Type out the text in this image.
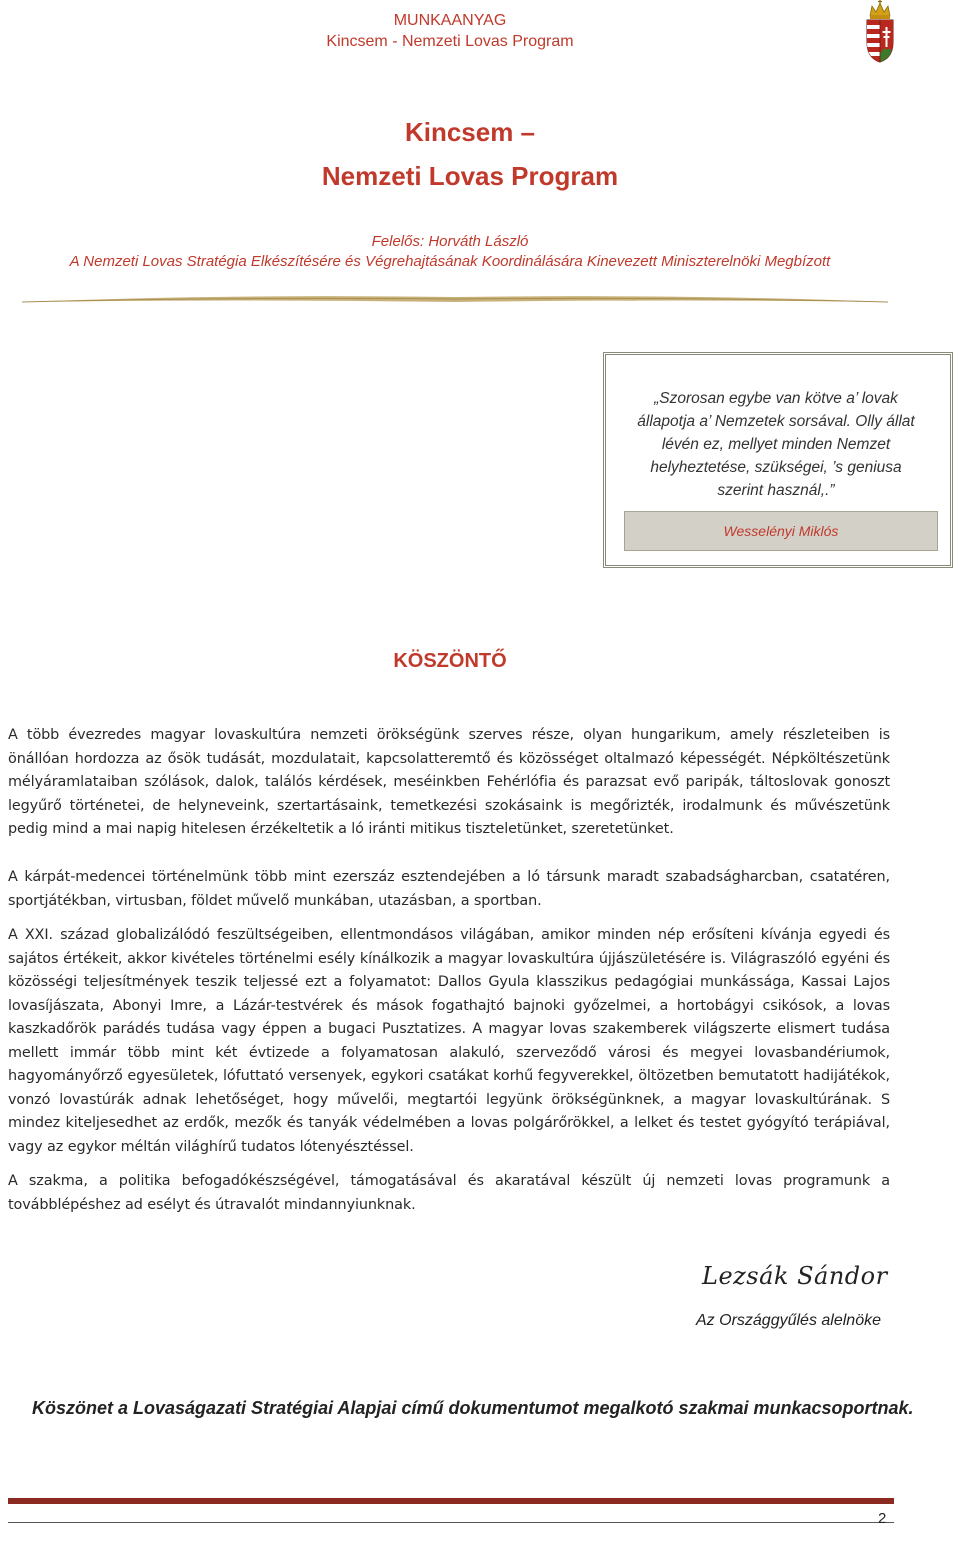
MUNKAANYAG
Kincsem - Nemzeti Lovas Program
Kincsem –
Nemzeti Lovas Program
Felelős: Horváth László
A Nemzeti Lovas Stratégia Elkészítésére és Végrehajtásának Koordinálására Kinevezett Miniszterelnöki Megbízott
„Szorosan egybe van kötve a’ lovak állapotja a’ Nemzetek sorsával. Olly állat lévén ez, mellyet minden Nemzet helyheztetése, szükségei, ’s geniusa szerint használ,.”
Wesselényi Miklós
KÖSZÖNTŐ
A több évezredes magyar lovaskultúra nemzeti örökségünk szerves része, olyan hungarikum, amely részleteiben is önállóan hordozza az ősök tudását, mozdulatait, kapcsolatteremtő és közösséget oltalmazó képességét. Népköltészetünk mélyáramlataiban szólások, dalok, találós kérdések, meséinkben Fehérlófia és parazsat evő paripák, táltoslovak gonoszt legyűrő történetei, de helyneveink, szertartásaink, temetkezési szokásaink is megőrizték, irodalmunk és művészetünk pedig mind a mai napig hitelesen érzékeltetik a ló iránti mitikus tiszteletünket, szeretetünket.
A kárpát-medencei történelmünk több mint ezerszáz esztendejében a ló társunk maradt szabadságharcban, csatatéren, sportjátékban, virtusban, földet művelő munkában, utazásban, a sportban.
A XXI. század globalizálódó feszültségeiben, ellentmondásos világában, amikor minden nép erősíteni kívánja egyedi és sajátos értékeit, akkor kivételes történelmi esély kínálkozik a magyar lovaskultúra újjászületésére is. Világraszóló egyéni és közösségi teljesítmények teszik teljessé ezt a folyamatot: Dallos Gyula klasszikus pedagógiai munkássága, Kassai Lajos lovasíjászata, Abonyi Imre, a Lázár-testvérek és mások fogathajtó bajnoki győzelmei, a hortobágyi csikósok, a lovas kaszkadőrök parádés tudása vagy éppen a bugaci Pusztatizes. A magyar lovas szakemberek világszerte elismert tudása mellett immár több mint két évtizede a folyamatosan alakuló, szerveződő városi és megyei lovasbandériumok, hagyományőrző egyesületek, lófuttató versenyek, egykori csatákat korhű fegyverekkel, öltözetben bemutatott hadijátékok, vonzó lovastúrák adnak lehetőséget, hogy művelői, megtartói legyünk örökségünknek, a magyar lovaskultúrának. S mindez kiteljesedhet az erdők, mezők és tanyák védelmében a lovas polgárőrökkel, a lelket és testet gyógyító terápiával, vagy az egykor méltán világhírű tudatos lótenyésztéssel.
A szakma, a politika befogadókészségével, támogatásával és akaratával készült új nemzeti lovas programunk a továbblépéshez ad esélyt és útravalót mindannyiunknak.
Lezsák Sándor
Az Országgyűlés alelnöke
Köszönet a Lovaságazati Stratégiai Alapjai című dokumentumot megalkotó szakmai munkacsoportnak.
2
